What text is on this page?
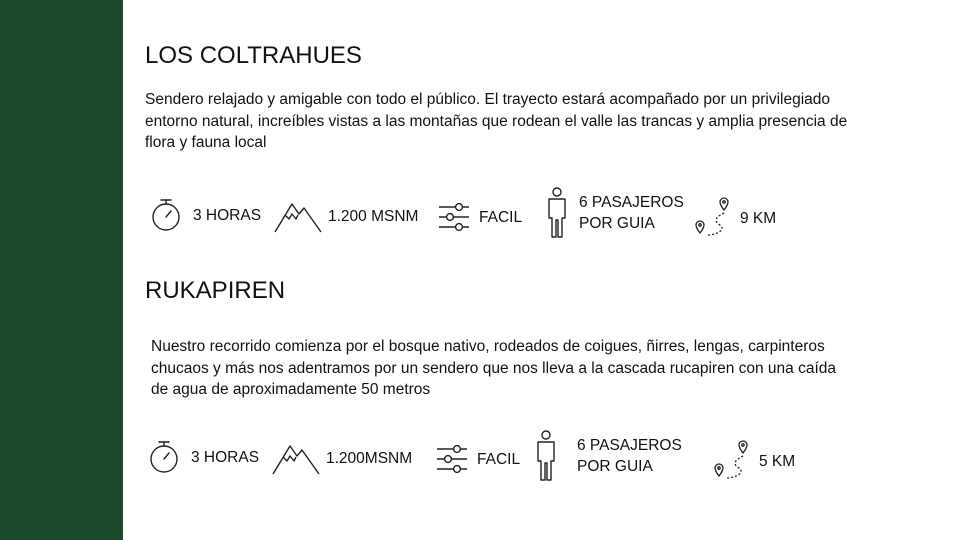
LOS COLTRAHUES

Sendero relajado y amigable con todo el público. El trayecto estará acompañado por un privilegiado entorno natural, increíbles vistas a las montañas que rodean el valle las trancas y amplia presencia de flora y fauna local

3 HORAS	1.200 MSNM	FACIL
6 PASAJEROS
POR GUIA	9 KM
RUKAPIREN

Nuestro recorrido comienza por el bosque nativo, rodeados de coigues, ñirres, lengas, carpinteros chucaos y más nos adentramos por un sendero que nos lleva a la cascada rucapiren con una caída de agua de aproximadamente 50 metros

3 HORAS	1.200MSNM	FACIL
6 PASAJEROS
POR GUIA	5 KM
